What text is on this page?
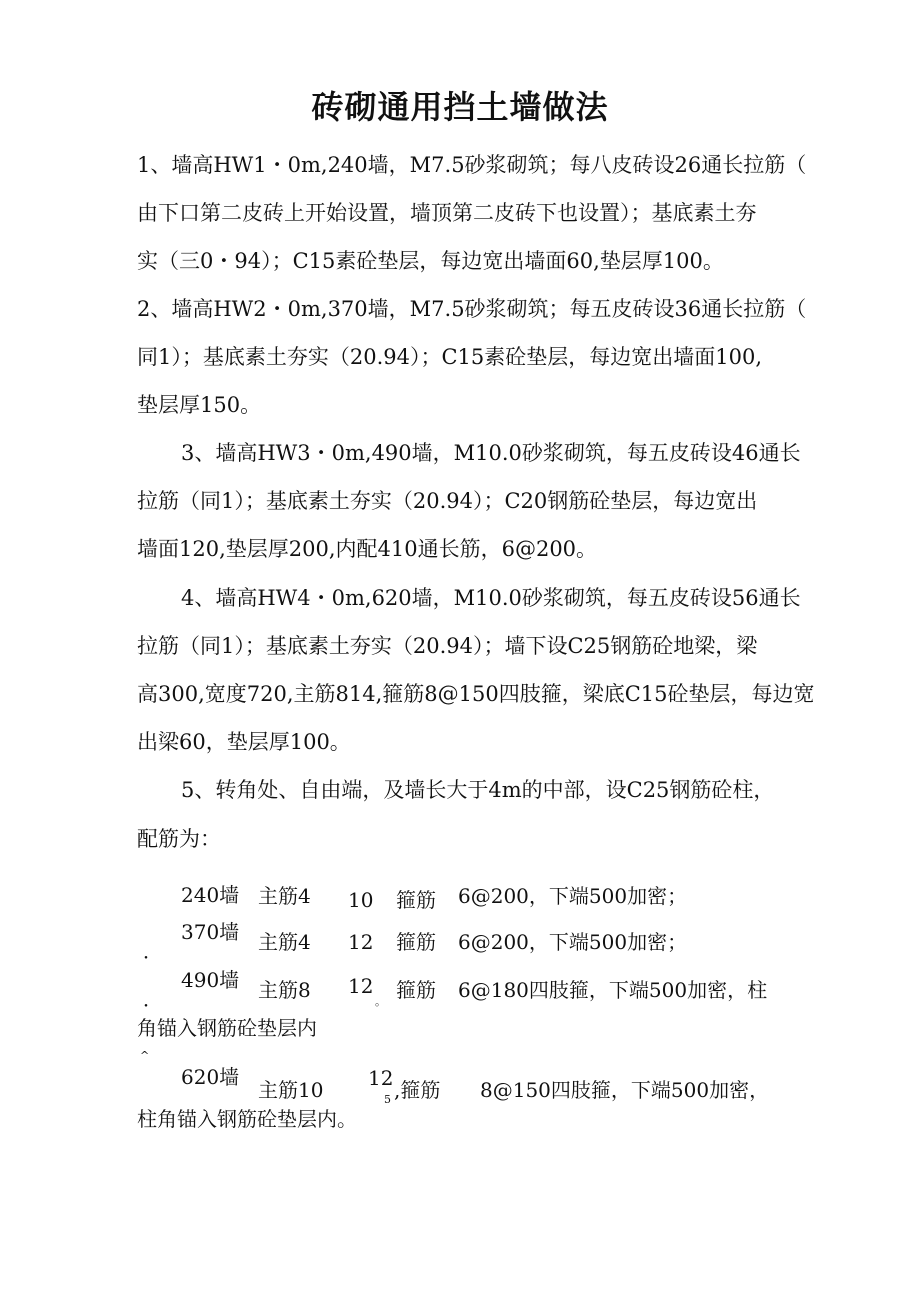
砖砌通用挡土墙做法
1、墙高HW1・0m,240墙，M7.5砂浆砌筑；每八皮砖设26通长拉筋（
由下口第二皮砖上开始设置，墙顶第二皮砖下也设置）；基底素土夯
实（三0・94）；C15素砼垫层，每边宽出墙面60,垫层厚100。
2、墙高HW2・0m,370墙，M7.5砂浆砌筑；每五皮砖设36通长拉筋（
同1）；基底素土夯实（20.94）；C15素砼垫层，每边宽出墙面100,
垫层厚150。
3、墙高HW3・0m,490墙，M10.0砂浆砌筑，每五皮砖设46通长
拉筋（同1）；基底素土夯实（20.94）；C20钢筋砼垫层，每边宽出
墙面120,垫层厚200,内配410通长筋，6@200。
4、墙高HW4・0m,620墙，M10.0砂浆砌筑，每五皮砖设56通长
拉筋（同1）；基底素土夯实（20.94）；墙下设C25钢筋砼地梁，梁
高300,宽度720,主筋814,箍筋8@150四肢箍，梁底C15砼垫层，每边宽
出梁60，垫层厚100。
5、转角处、自由端，及墙长大于4m的中部，设C25钢筋砼柱，
配筋为：
240墙 主筋4 10 箍筋 6@200，下端500加密；
370墙 主筋4 12 箍筋 6@200，下端500加密；
・
490墙 主筋8 12
。 箍筋 6@180四肢箍，下端500加密，柱
・
角锚入钢筋砼垫层内
^
620墙
主筋10 12
5 ,箍筋 8@150四肢箍，下端500加密，
柱角锚入钢筋砼垫层内。
